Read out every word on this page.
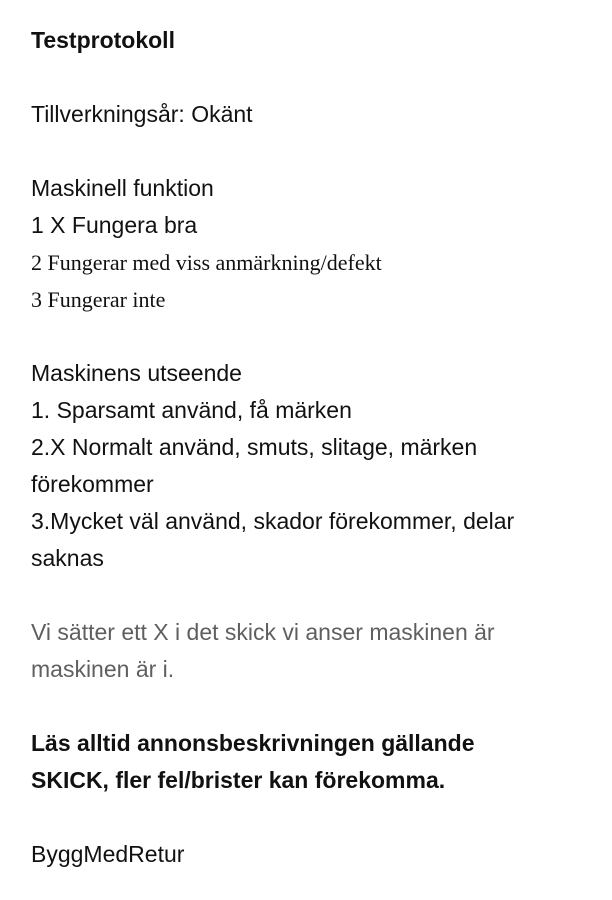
Testprotokoll
Tillverkningsår: Okänt
Maskinell funktion
1 X Fungera bra
2 Fungerar med viss anmärkning/defekt
3 Fungerar inte
Maskinens utseende
1. Sparsamt använd, få märken
2.X Normalt använd, smuts, slitage, märken
förekommer
3.Mycket väl använd, skador förekommer, delar
saknas
Vi sätter ett X i det skick vi anser maskinen är
maskinen är i.
Läs alltid annonsbeskrivningen gällande
SKICK, fler fel/brister kan förekomma.
ByggMedRetur
